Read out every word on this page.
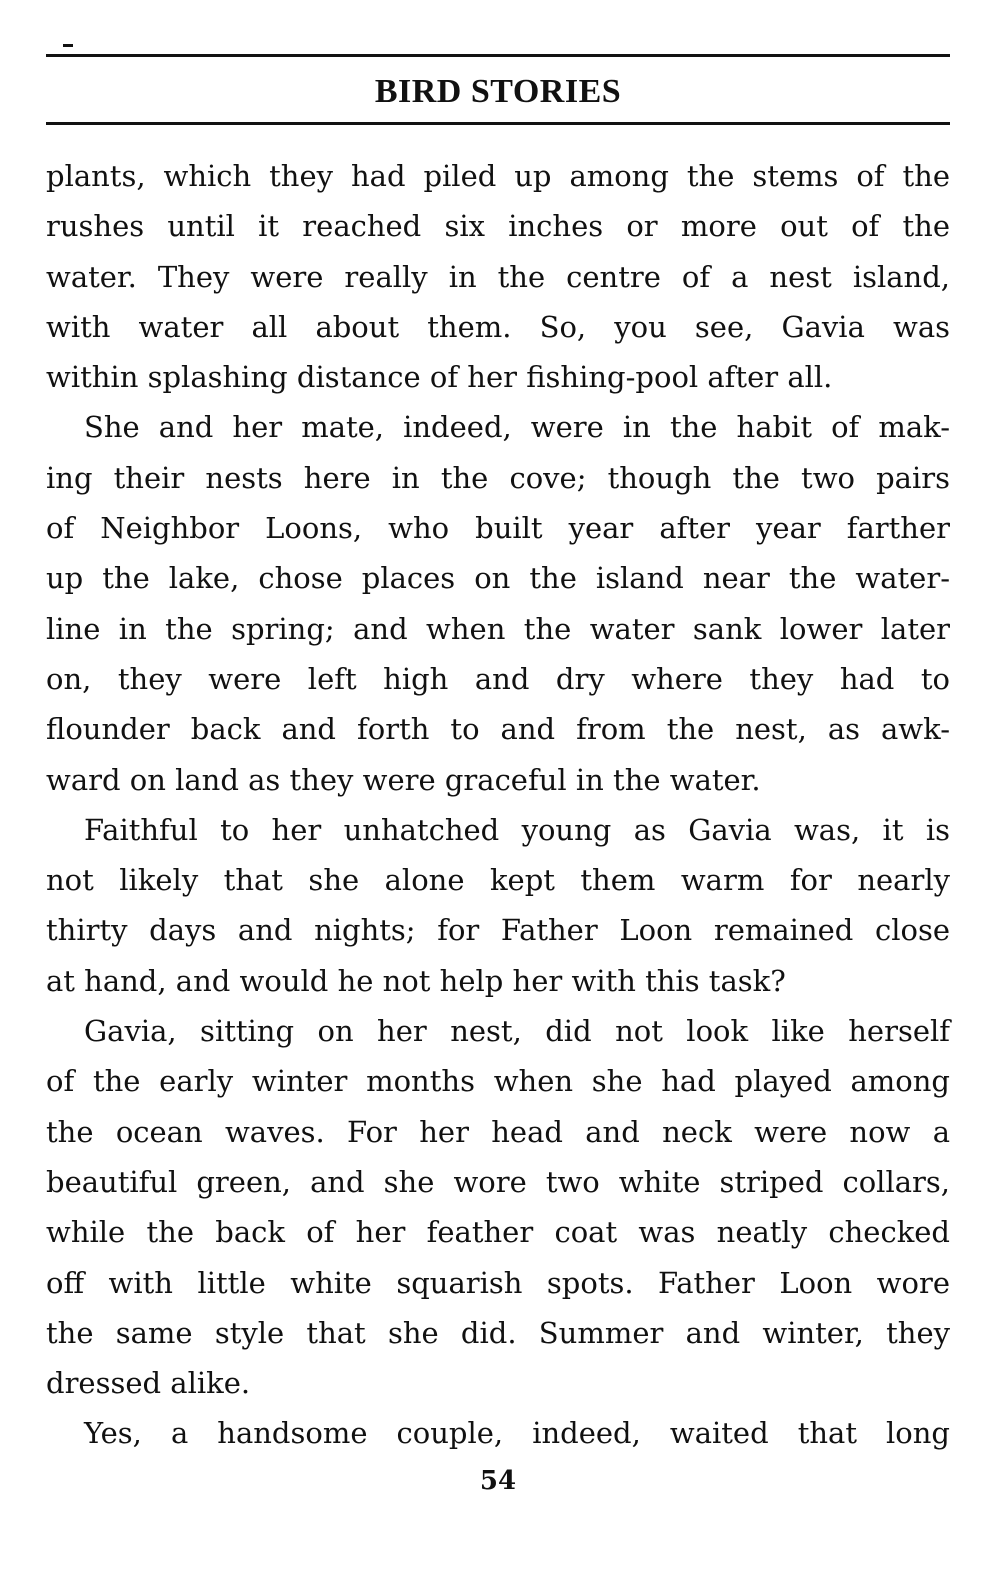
BIRD STORIES
plants, which they had piled up among the stems of the
rushes until it reached six inches or more out of the
water. They were really in the centre of a nest island,
with water all about them. So, you see, Gavia was
within splashing distance of her fishing-pool after all.
She and her mate, indeed, were in the habit of mak-
ing their nests here in the cove; though the two pairs
of Neighbor Loons, who built year after year farther
up the lake, chose places on the island near the water-
line in the spring; and when the water sank lower later
on, they were left high and dry where they had to
flounder back and forth to and from the nest, as awk-
ward on land as they were graceful in the water.
Faithful to her unhatched young as Gavia was, it is
not likely that she alone kept them warm for nearly
thirty days and nights; for Father Loon remained close
at hand, and would he not help her with this task?
Gavia, sitting on her nest, did not look like herself
of the early winter months when she had played among
the ocean waves. For her head and neck were now a
beautiful green, and she wore two white striped collars,
while the back of her feather coat was neatly checked
off with little white squarish spots. Father Loon wore
the same style that she did. Summer and winter, they
dressed alike.
Yes, a handsome couple, indeed, waited that long
54
